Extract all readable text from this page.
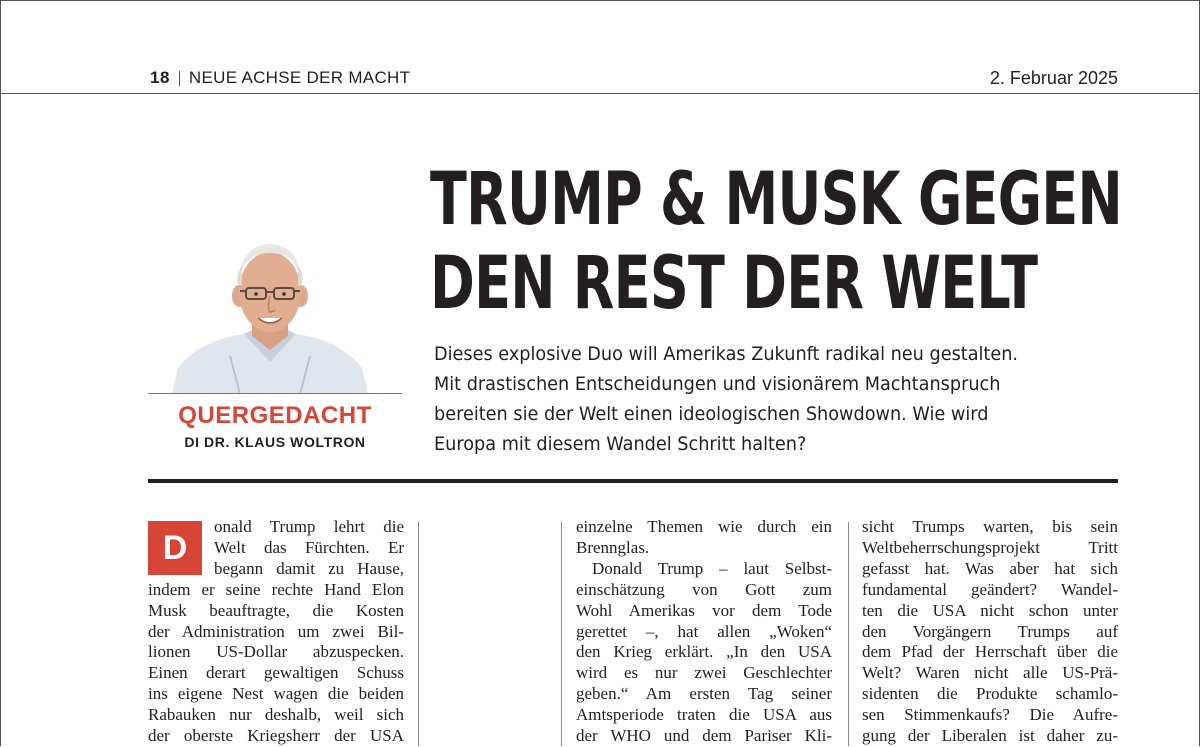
18 NEUE ACHSE DER MACHT	2. Februar 2025
TRUMP & MUSK GEGEN
DEN REST DER WELT
QUERGEDACHT
DI DR. KLAUS WOLTRON
Dieses explosive Duo will Amerikas Zukunft radikal neu gestalten.
Mit drastischen Entscheidungen und visionärem Machtanspruch
bereiten sie der Welt einen ideologischen Showdown. Wie wird
Europa mit diesem Wandel Schritt halten?
D
onald Trump lehrt die
Welt das Fürchten. Er
begann damit zu Hause,
indem er seine rechte Hand Elon
Musk beauftragte, die Kosten
der Administration um zwei Bil-
lionen US-Dollar abzuspecken.
Einen derart gewaltigen Schuss
ins eigene Nest wagen die beiden
Rabauken nur deshalb, weil sich
der oberste Kriegsherr der USA
einzelne Themen wie durch ein
Brennglas.
Donald Trump – laut Selbst-
einschätzung von Gott zum
Wohl Amerikas vor dem Tode
gerettet –, hat allen „Woken“
den Krieg erklärt. „In den USA
wird es nur zwei Geschlechter
geben.“ Am ersten Tag seiner
Amtsperiode traten die USA aus
der WHO und dem Pariser Kli-
sicht Trumps warten, bis sein
Weltbeherrschungsprojekt Tritt
gefasst hat. Was aber hat sich
fundamental geändert? Wandel-
ten die USA nicht schon unter
den Vorgängern Trumps auf
dem Pfad der Herrschaft über die
Welt? Waren nicht alle US-Prä-
sidenten die Produkte schamlo-
sen Stimmenkaufs? Die Aufre-
gung der Liberalen ist daher zu-
